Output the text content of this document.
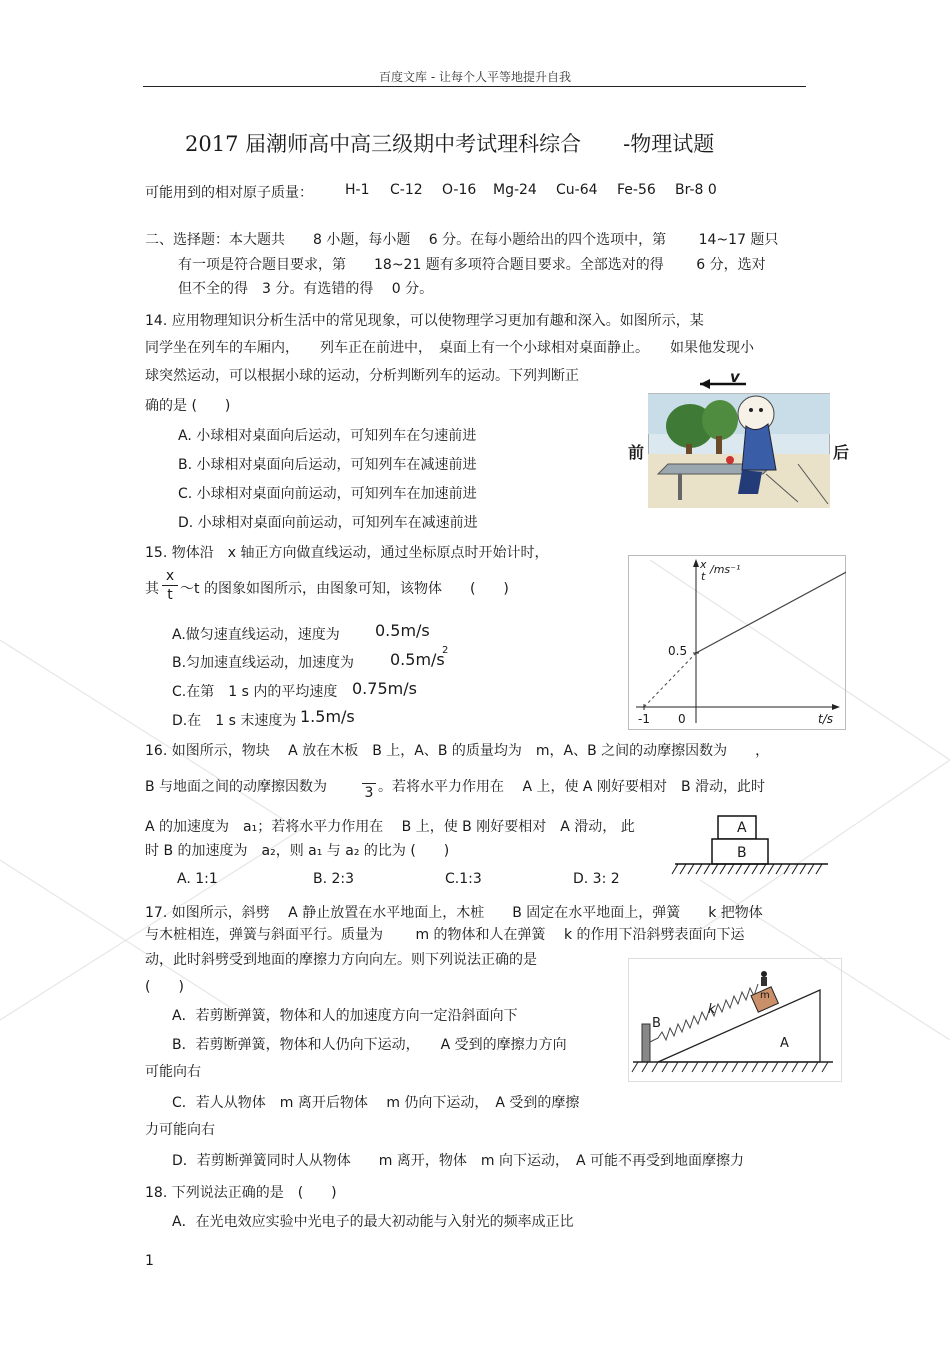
百度文库 - 让每个人平等地提升自我
2017 届潮师高中高三级期中考试理科综合　　-物理试题
可能用到的相对原子质量： H-1 C-12 O-16 Mg-24 Cu-64 Fe-56 Br-8 0
二、选择题：本大题共　　8 小题，每小题　 6 分。在每小题给出的四个选项中，第　　 14~17 题只
有一项是符合题目要求，第　　18~21 题有多项符合题目要求。全部选对的得　　 6 分，选对
但不全的得　3 分。有选错的得　 0 分。
14. 应用物理知识分析生活中的常见现象，可以使物理学习更加有趣和深入。如图所示，某
同学坐在列车的车厢内，　　列车正在前进中，　桌面上有一个小球相对桌面静止。　　如果他发现小
球突然运动，可以根据小球的运动，分析判断列车的运动。下列判断正
确的是 (　　)
A. 小球相对桌面向后运动，可知列车在匀速前进
B. 小球相对桌面向后运动，可知列车在减速前进
C. 小球相对桌面向前运动，可知列车在加速前进
D. 小球相对桌面向前运动，可知列车在减速前进
前	后
v
15. 物体沿　x 轴正方向做直线运动，通过坐标原点时开始计时，
其
x
t ～t 的图象如图所示，由图象可知，该物体　　(　　)
A.做匀速直线运动，速度为 0.5m/s
B.匀加速直线运动，加速度为 0.5m/s
2
C.在第　1 s 内的平均速度 0.75m/s
D.在　1 s 末速度为 1.5m/s
x
t
/ms⁻¹
0.5
-1 0	t/s
16. 如图所示，物块　 A 放在木板　B 上，A、B 的质量均为　m，A、B 之间的动摩擦因数为　　，
B 与地面之间的动摩擦因数为	3 。若将水平力作用在　 A 上，使 A 刚好要相对　B 滑动，此时
A 的加速度为　a₁；若将水平力作用在　 B 上，使 B 刚好要相对　A 滑动， 此
时 B 的加速度为　a₂，则 a₁ 与 a₂ 的比为 (　　)
A. 1:1	B. 2:3	C.1:3	D. 3: 2
A
B
17. 如图所示，斜劈　 A 静止放置在水平地面上，木桩　　B 固定在水平地面上，弹簧　　k 把物体
与木桩相连，弹簧与斜面平行。质量为　　 m 的物体和人在弹簧　 k 的作用下沿斜劈表面向下运
动，此时斜劈受到地面的摩擦力方向向左。则下列说法正确的是
(　　)
A．若剪断弹簧，物体和人的加速度方向一定沿斜面向下
B．若剪断弹簧，物体和人仍向下运动，　　A 受到的摩擦力方向
可能向右
C．若人从物体　m 离开后物体　 m 仍向下运动，　A 受到的摩擦
力可能向右
D．若剪断弹簧同时人从物体　　m 离开，物体　m 向下运动，　A 可能不再受到地面摩擦力
B
k
m
A
18. 下列说法正确的是　(　　)
A．在光电效应实验中光电子的最大初动能与入射光的频率成正比
1
